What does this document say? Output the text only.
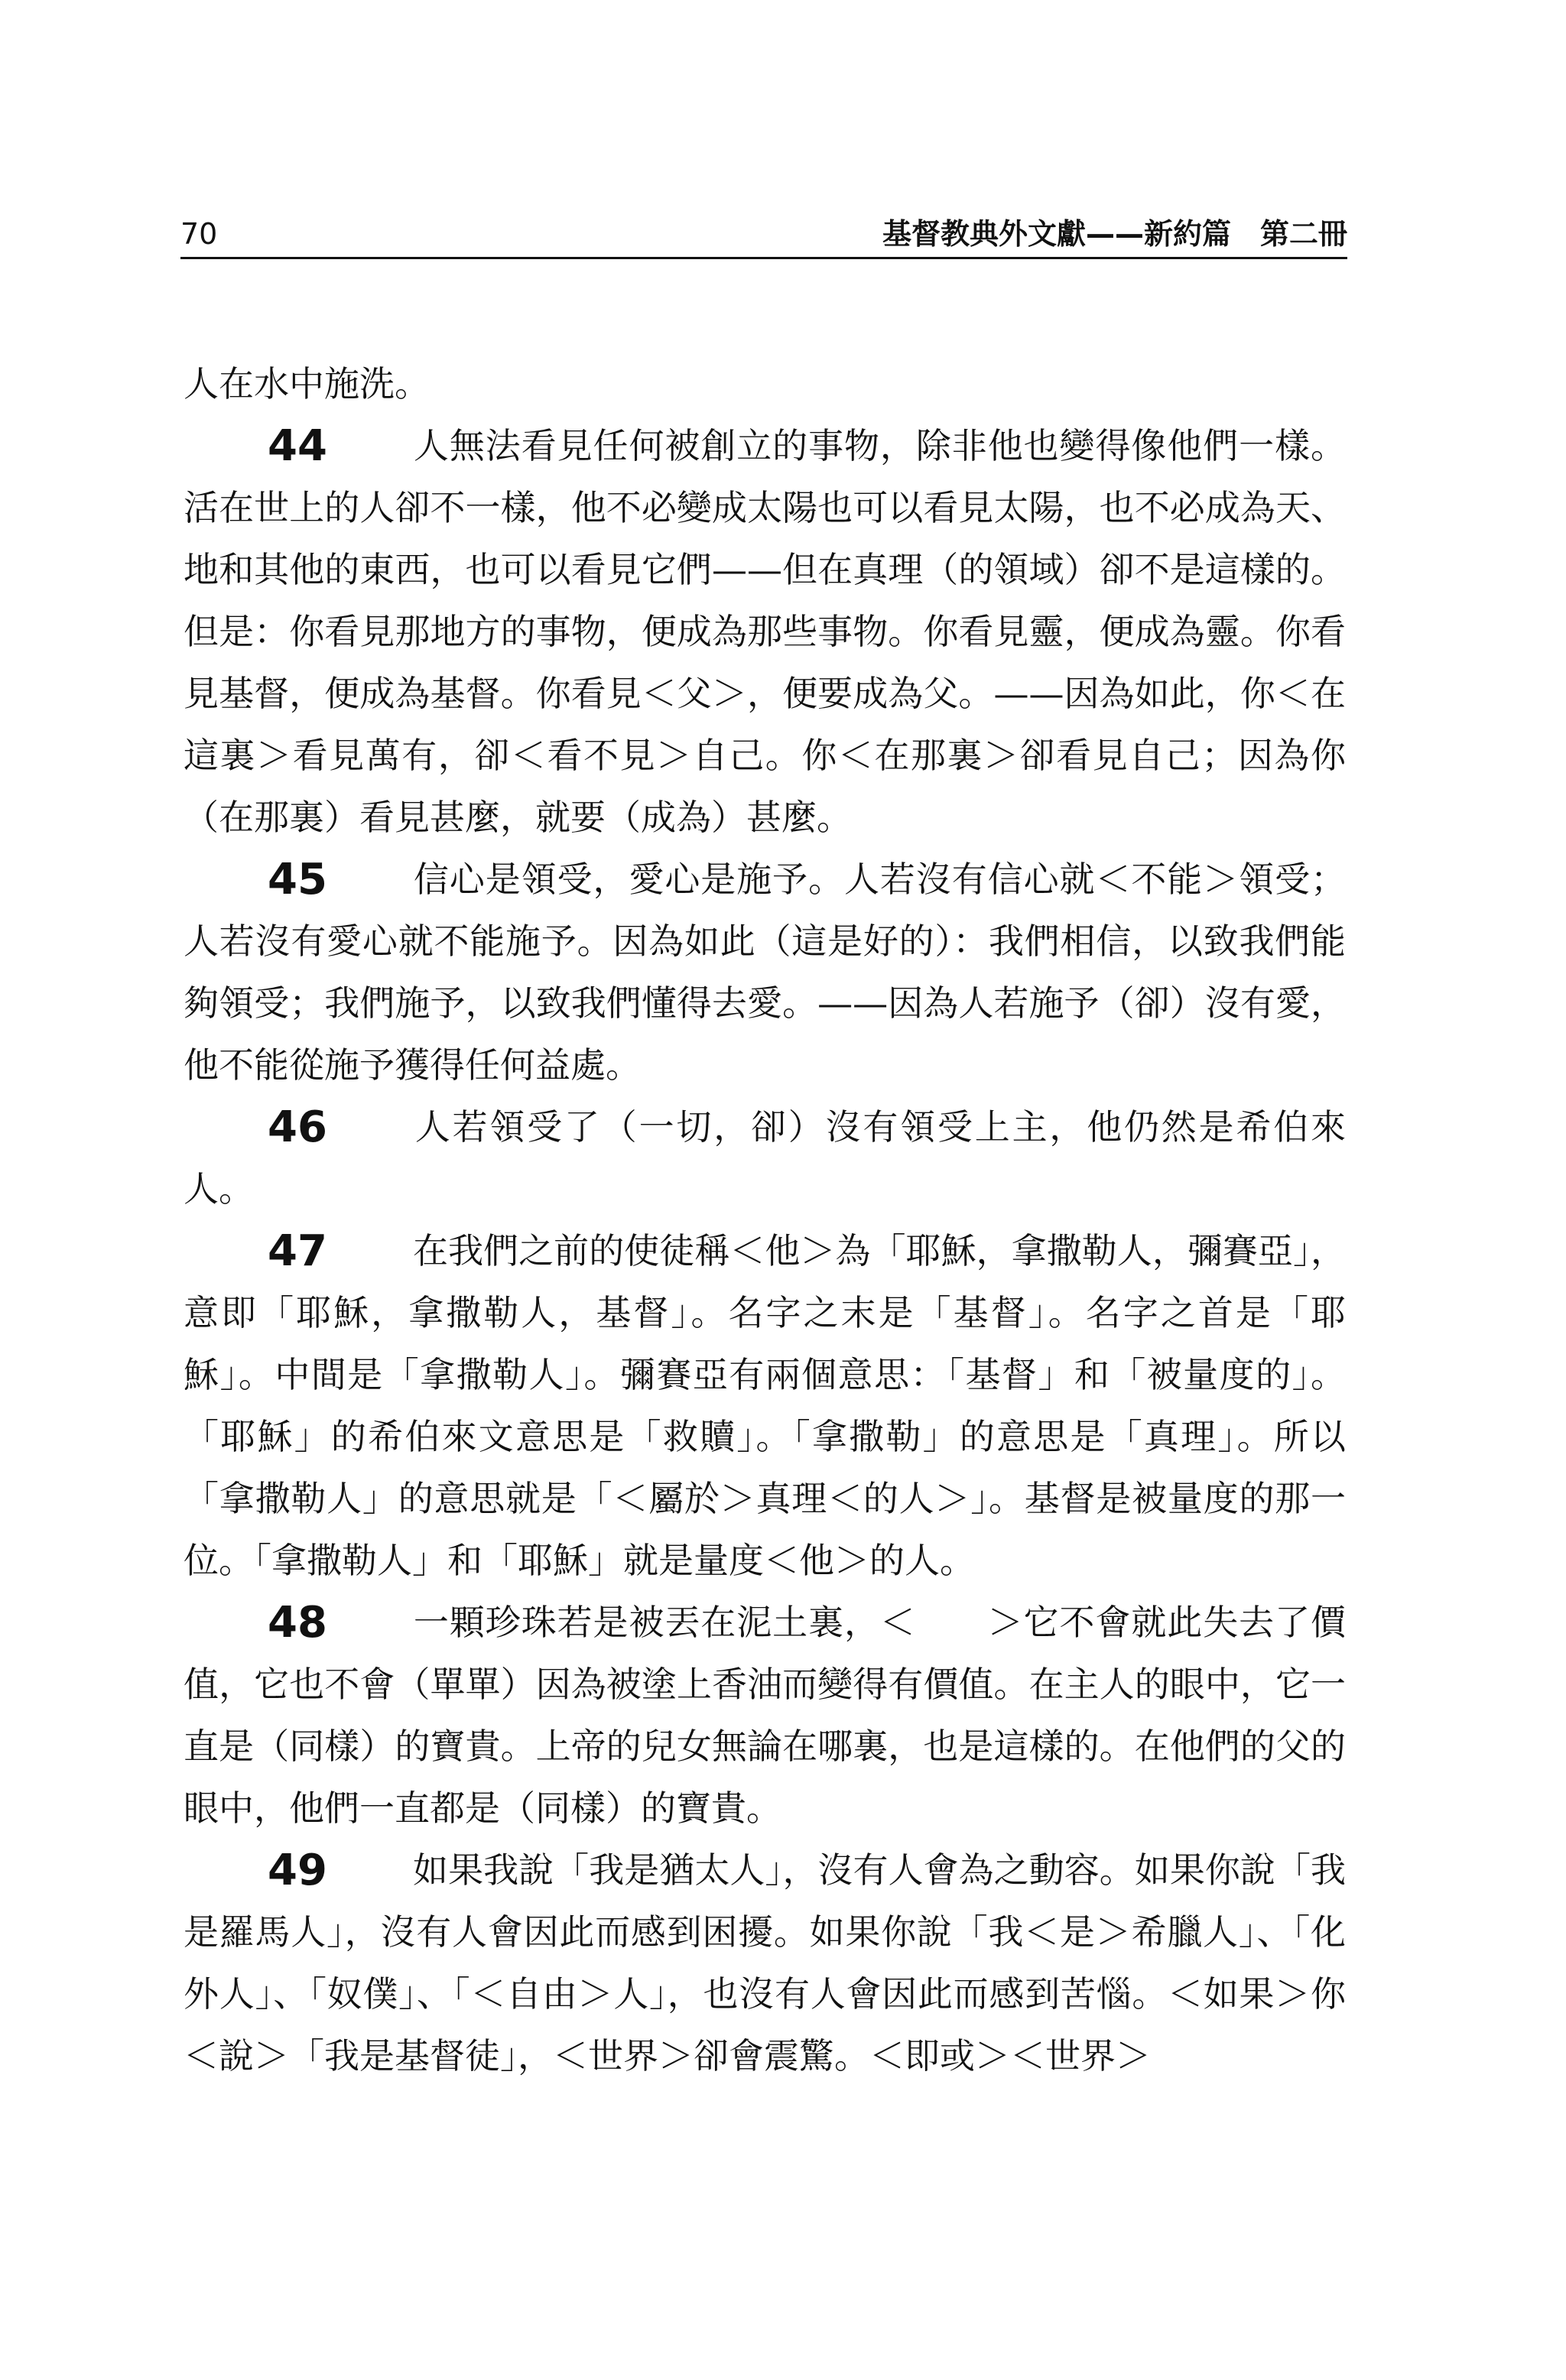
70	基督教典外文獻——新約篇　第二冊

人在水中施洗。

44 人無法看見任何被創立的事物，除非他也變得像他們一樣。活在世上的人卻不一樣，他不必變成太陽也可以看見太陽，也不必成為天、地和其他的東西，也可以看見它們——但在真理（的領域）卻不是這樣的。但是：你看見那地方的事物，便成為那些事物。你看見靈，便成為靈。你看見基督，便成為基督。你看見＜父＞，便要成為父。——因為如此，你＜在這裏＞看見萬有，卻＜看不見＞自己。你＜在那裏＞卻看見自己；因為你（在那裏）看見甚麼，就要（成為）甚麼。

45 信心是領受，愛心是施予。人若沒有信心就＜不能＞領受；人若沒有愛心就不能施予。因為如此（這是好的）：我們相信，以致我們能夠領受；我們施予，以致我們懂得去愛。——因為人若施予（卻）沒有愛，他不能從施予獲得任何益處。

46 人若領受了（一切，卻）沒有領受上主，他仍然是希伯來人。

47 在我們之前的使徒稱＜他＞為「耶穌，拿撒勒人，彌賽亞」，意即「耶穌，拿撒勒人，基督」。名字之末是「基督」。名字之首是「耶穌」。中間是「拿撒勒人」。彌賽亞有兩個意思：「基督」和「被量度的」。「耶穌」的希伯來文意思是「救贖」。「拿撒勒」的意思是「真理」。所以「拿撒勒人」的意思就是「＜屬於＞真理＜的人＞」。基督是被量度的那一位。「拿撒勒人」和「耶穌」就是量度＜他＞的人。

48 一顆珍珠若是被丟在泥土裏，＜　　＞它不會就此失去了價值，它也不會（單單）因為被塗上香油而變得有價值。在主人的眼中，它一直是（同樣）的寶貴。上帝的兒女無論在哪裏，也是這樣的。在他們的父的眼中，他們一直都是（同樣）的寶貴。

49 如果我說「我是猶太人」，沒有人會為之動容。如果你說「我是羅馬人」，沒有人會因此而感到困擾。如果你說「我＜是＞希臘人」、「化外人」、「奴僕」、「＜自由＞人」，也沒有人會因此而感到苦惱。＜如果＞你＜說＞「我是基督徒」，＜世界＞卻會震驚。＜即或＞＜世界＞
